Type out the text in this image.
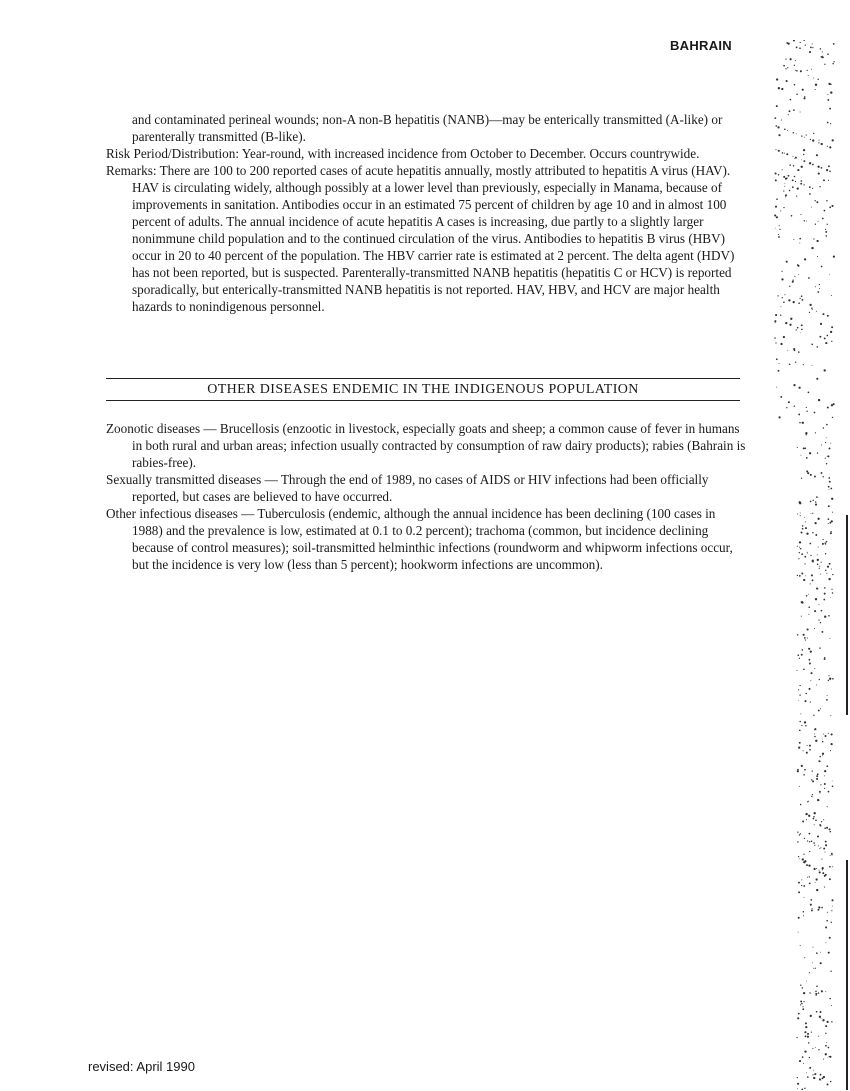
BAHRAIN

and contaminated perineal wounds; non-A non-B hepatitis (NANB)—may be enterically transmitted (A-like) or parenterally transmitted (B-like).

Risk Period/Distribution: Year-round, with increased incidence from October to December. Occurs countrywide.

Remarks: There are 100 to 200 reported cases of acute hepatitis annually, mostly attributed to hepatitis A virus (HAV). HAV is circulating widely, although possibly at a lower level than previously, especially in Manama, because of improvements in sanitation. Antibodies occur in an estimated 75 percent of children by age 10 and in almost 100 percent of adults. The annual incidence of acute hepatitis A cases is increasing, due partly to a slightly larger nonimmune child population and to the continued circulation of the virus. Antibodies to hepatitis B virus (HBV) occur in 20 to 40 percent of the population. The HBV carrier rate is estimated at 2 percent. The delta agent (HDV) has not been reported, but is suspected. Parenterally-transmitted NANB hepatitis (hepatitis C or HCV) is reported sporadically, but enterically-transmitted NANB hepatitis is not reported. HAV, HBV, and HCV are major health hazards to nonindigenous personnel.

OTHER DISEASES ENDEMIC IN THE INDIGENOUS POPULATION

Zoonotic diseases — Brucellosis (enzootic in livestock, especially goats and sheep; a common cause of fever in humans in both rural and urban areas; infection usually contracted by consumption of raw dairy products); rabies (Bahrain is rabies-free).

Sexually transmitted diseases — Through the end of 1989, no cases of AIDS or HIV infections had been officially reported, but cases are believed to have occurred.

Other infectious diseases — Tuberculosis (endemic, although the annual incidence has been declining (100 cases in 1988) and the prevalence is low, estimated at 0.1 to 0.2 percent); trachoma (common, but incidence declining because of control measures); soil-transmitted helminthic infections (roundworm and whipworm infections occur, but the incidence is very low (less than 5 percent); hookworm infections are uncommon).

revised: April 1990
